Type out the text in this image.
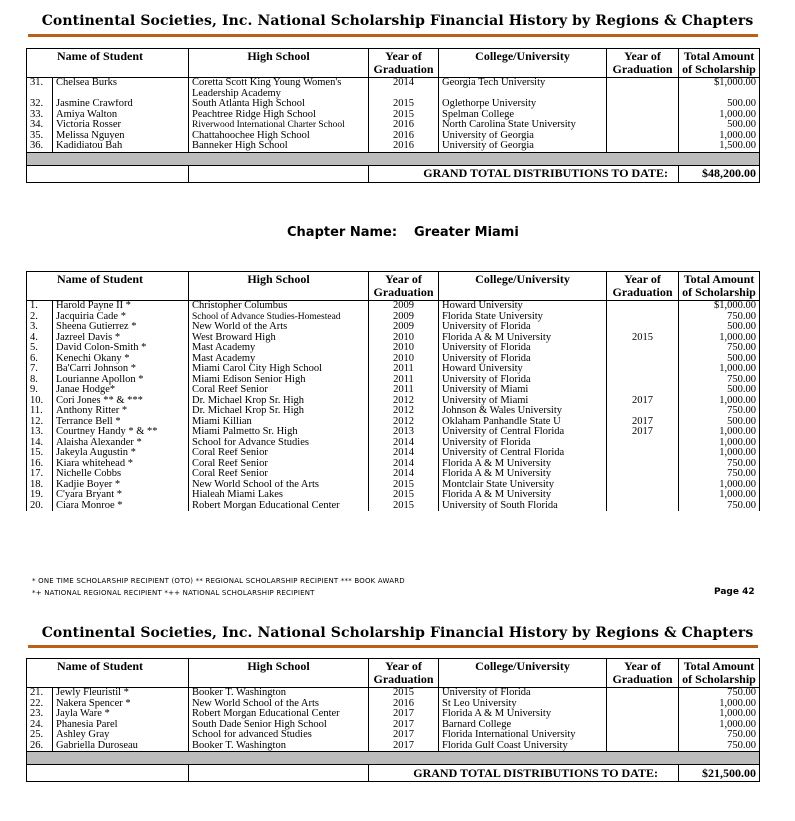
Continental Societies, Inc. National Scholarship Financial History by Regions & Chapters
Name of Student		High School	Year of Graduation	College/University	Year of Graduation	Total Amount of Scholarship
31.	Chelsea Burks	Coretta Scott King Young Women's
Leadership Academy	2014	Georgia Tech University		$1,000.00
32.	Jasmine Crawford	South Atlanta High School	2015	Oglethorpe University		500.00
33.	Amiya Walton	Peachtree Ridge High School	2015	Spelman College		1,000.00
34.	Victoria Rosser	Riverwood International Charter School	2016	North Carolina State University		500.00
35.	Melissa Nguyen	Chattahoochee High School	2016	University of Georgia		1,000.00
36.	Kadidiatou Bah	Banneker High School	2016	University of Georgia		1,500.00

			GRAND TOTAL DISTRIBUTIONS TO DATE:			$48,200.00
Chapter Name: Greater Miami
Name of Student		High School	Year of Graduation	College/University	Year of Graduation	Total Amount of Scholarship
1.	Harold Payne II *	Christopher Columbus	2009	Howard University		$1,000.00
2.	Jacquiria Cade *	School of Advance Studies-Homestead	2009	Florida State University		750.00
3.	Sheena Gutierrez *	New World of the Arts	2009	University of Florida		500.00
4.	Jazreel Davis *	West Broward High	2010	Florida A & M University	2015	1,000.00
5.	David Colon-Smith *	Mast Academy	2010	University of Florida		750.00
6.	Kenechi Okany *	Mast Academy	2010	University of Florida		500.00
7.	Ba'Carri Johnson *	Miami Carol City High School	2011	Howard University		1,000.00
8.	Lourianne Apollon *	Miami Edison Senior High	2011	University of Florida		750.00
9.	Janae Hodge*	Coral Reef Senior	2011	University of Miami		500.00
10.	Cori Jones ** & ***	Dr. Michael Krop Sr. High	2012	University of Miami	2017	1,000.00
11.	Anthony Ritter *	Dr. Michael Krop Sr. High	2012	Johnson & Wales University		750.00
12.	Terrance Bell *	Miami Killian	2012	Oklaham Panhandle State U	2017	500.00
13.	Courtney Handy * & **	Miami Palmetto Sr. High	2013	University of Central Florida	2017	1,000.00
14.	Alaisha Alexander *	School for Advance Studies	2014	University of Florida		1,000.00
15.	Jakeyla Augustin *	Coral Reef Senior	2014	University of Central Florida		1,000.00
16.	Kiara whitehead *	Coral Reef Senior	2014	Florida A & M University		750.00
17.	Nichelle Cobbs	Coral Reef Senior	2014	Florida A & M University		750.00
18.	Kadjie Boyer *	New World School of the Arts	2015	Montclair State University		1,000.00
19.	C'yara Bryant *	Hialeah Miami Lakes	2015	Florida A & M University		1,000.00
20.	Ciara Monroe *	Robert Morgan Educational Center	2015	University of South Florida		750.00
* ONE TIME SCHOLARSHIP RECIPIENT (OTO) ** REGIONAL SCHOLARSHIP RECIPIENT *** BOOK AWARD
*+ NATIONAL REGIONAL RECIPIENT *++ NATIONAL SCHOLARSHIP RECIPIENT	Page 42
Continental Societies, Inc. National Scholarship Financial History by Regions & Chapters
Name of Student		High School	Year of Graduation	College/University	Year of Graduation	Total Amount of Scholarship
21.	Jewly Fleuristil *	Booker T. Washington	2015	University of Florida		750.00
22.	Nakera Spencer *	New World School of the Arts	2016	St Leo University		1,000.00
23.	Jayla Ware *	Robert Morgan Educational Center	2017	Florida A & M University		1,000.00
24.	Phanesia Parel	South Dade Senior High School	2017	Barnard College		1,000.00
25.	Ashley Gray	School for advanced Studies	2017	Florida International University		750.00
26.	Gabriella Duroseau	Booker T. Washington	2017	Florida Gulf Coast University		750.00

			GRAND TOTAL DISTRIBUTIONS TO DATE:			$21,500.00
